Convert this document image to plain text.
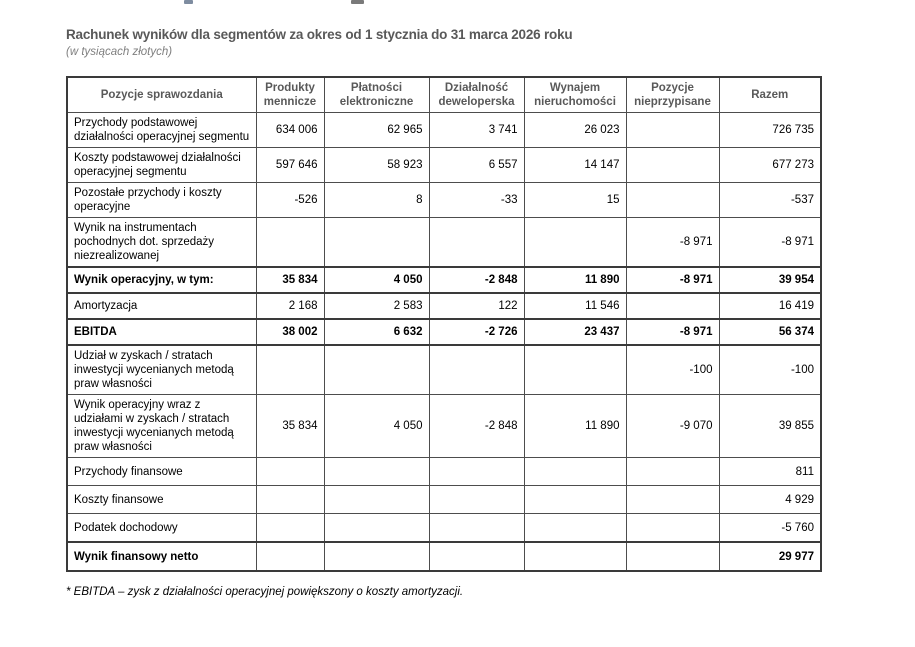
Rachunek wyników dla segmentów za okres od 1 stycznia do 31 marca 2026 roku
(w tysiącach złotych)
Pozycje sprawozdania	Produkty mennicze	Płatności elektroniczne	Działalność deweloperska	Wynajem nieruchomości	Pozycje nieprzypisane	Razem
Przychody podstawowej działalności operacyjnej segmentu	634 006	62 965	3 741	26 023		726 735
Koszty podstawowej działalności operacyjnej segmentu	597 646	58 923	6 557	14 147		677 273
Pozostałe przychody i koszty operacyjne	-526	8	-33	15		-537
Wynik na instrumentach pochodnych dot. sprzedaży niezrealizowanej					-8 971	-8 971
Wynik operacyjny, w tym:	35 834	4 050	-2 848	11 890	-8 971	39 954
Amortyzacja	2 168	2 583	122	11 546		16 419
EBITDA	38 002	6 632	-2 726	23 437	-8 971	56 374
Udział w zyskach / stratach inwestycji wycenianych metodą praw własności					-100	-100
Wynik operacyjny wraz z udziałami w zyskach / stratach inwestycji wycenianych metodą praw własności	35 834	4 050	-2 848	11 890	-9 070	39 855
Przychody finansowe						811
Koszty finansowe						4 929
Podatek dochodowy						-5 760
Wynik finansowy netto						29 977
* EBITDA – zysk z działalności operacyjnej powiększony o koszty amortyzacji.
